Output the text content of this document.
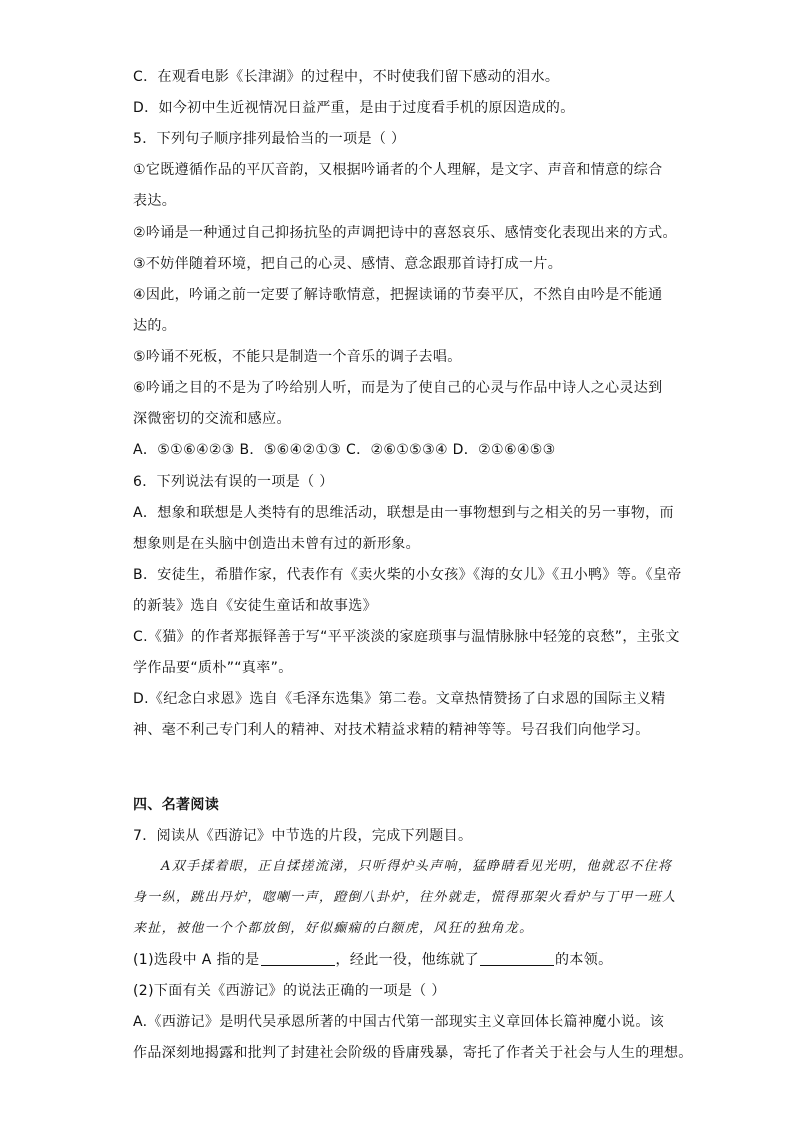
C．在观看电影《长津湖》的过程中，不时使我们留下感动的泪水。
D．如今初中生近视情况日益严重，是由于过度看手机的原因造成的。
5．下列句子顺序排列最恰当的一项是（ ）
①它既遵循作品的平仄音韵，又根据吟诵者的个人理解，是文字、声音和情意的综合
表达。
②吟诵是一种通过自己抑扬抗坠的声调把诗中的喜怒哀乐、感情变化表现出来的方式。
③不妨伴随着环境，把自己的心灵、感情、意念跟那首诗打成一片。
④因此，吟诵之前一定要了解诗歌情意，把握读诵的节奏平仄，不然自由吟是不能通
达的。
⑤吟诵不死板，不能只是制造一个音乐的调子去唱。
⑥吟诵之目的不是为了吟给别人听，而是为了使自己的心灵与作品中诗人之心灵达到
深微密切的交流和感应。
A．⑤①⑥④②③ B．⑤⑥④②①③ C．②⑥①⑤③④ D．②①⑥④⑤③
6．下列说法有误的一项是（ ）
A．想象和联想是人类特有的思维活动，联想是由一事物想到与之相关的另一事物，而
想象则是在头脑中创造出未曾有过的新形象。
B．安徒生，希腊作家，代表作有《卖火柴的小女孩》《海的女儿》《丑小鸭》等。《皇帝
的新装》选自《安徒生童话和故事选》
C.《猫》的作者郑振铎善于写“平平淡淡的家庭琐事与温情脉脉中轻笼的哀愁”，主张文
学作品要“质朴”“真率”。
D.《纪念白求恩》选自《毛泽东选集》第二卷。文章热情赞扬了白求恩的国际主义精
神、毫不利己专门利人的精神、对技术精益求精的精神等等。号召我们向他学习。
四、名著阅读
7．阅读从《西游记》中节选的片段，完成下列题目。
A双手揉着眼，正自揉搓流涕，只听得炉头声响，猛睁睛看见光明，他就忍不住将
身一纵，跳出丹炉，唿喇一声，蹬倒八卦炉，往外就走，慌得那架火看炉与丁甲一班人
来扯，被他一个个都放倒，好似癫痫的白额虎，风狂的独角龙。
(1)选段中 A 指的是	，经此一役，他练就了	的本领。
(2)下面有关《西游记》的说法正确的一项是（ ）
A.《西游记》是明代吴承恩所著的中国古代第一部现实主义章回体长篇神魔小说。该
作品深刻地揭露和批判了封建社会阶级的昏庸残暴，寄托了作者关于社会与人生的理想。
